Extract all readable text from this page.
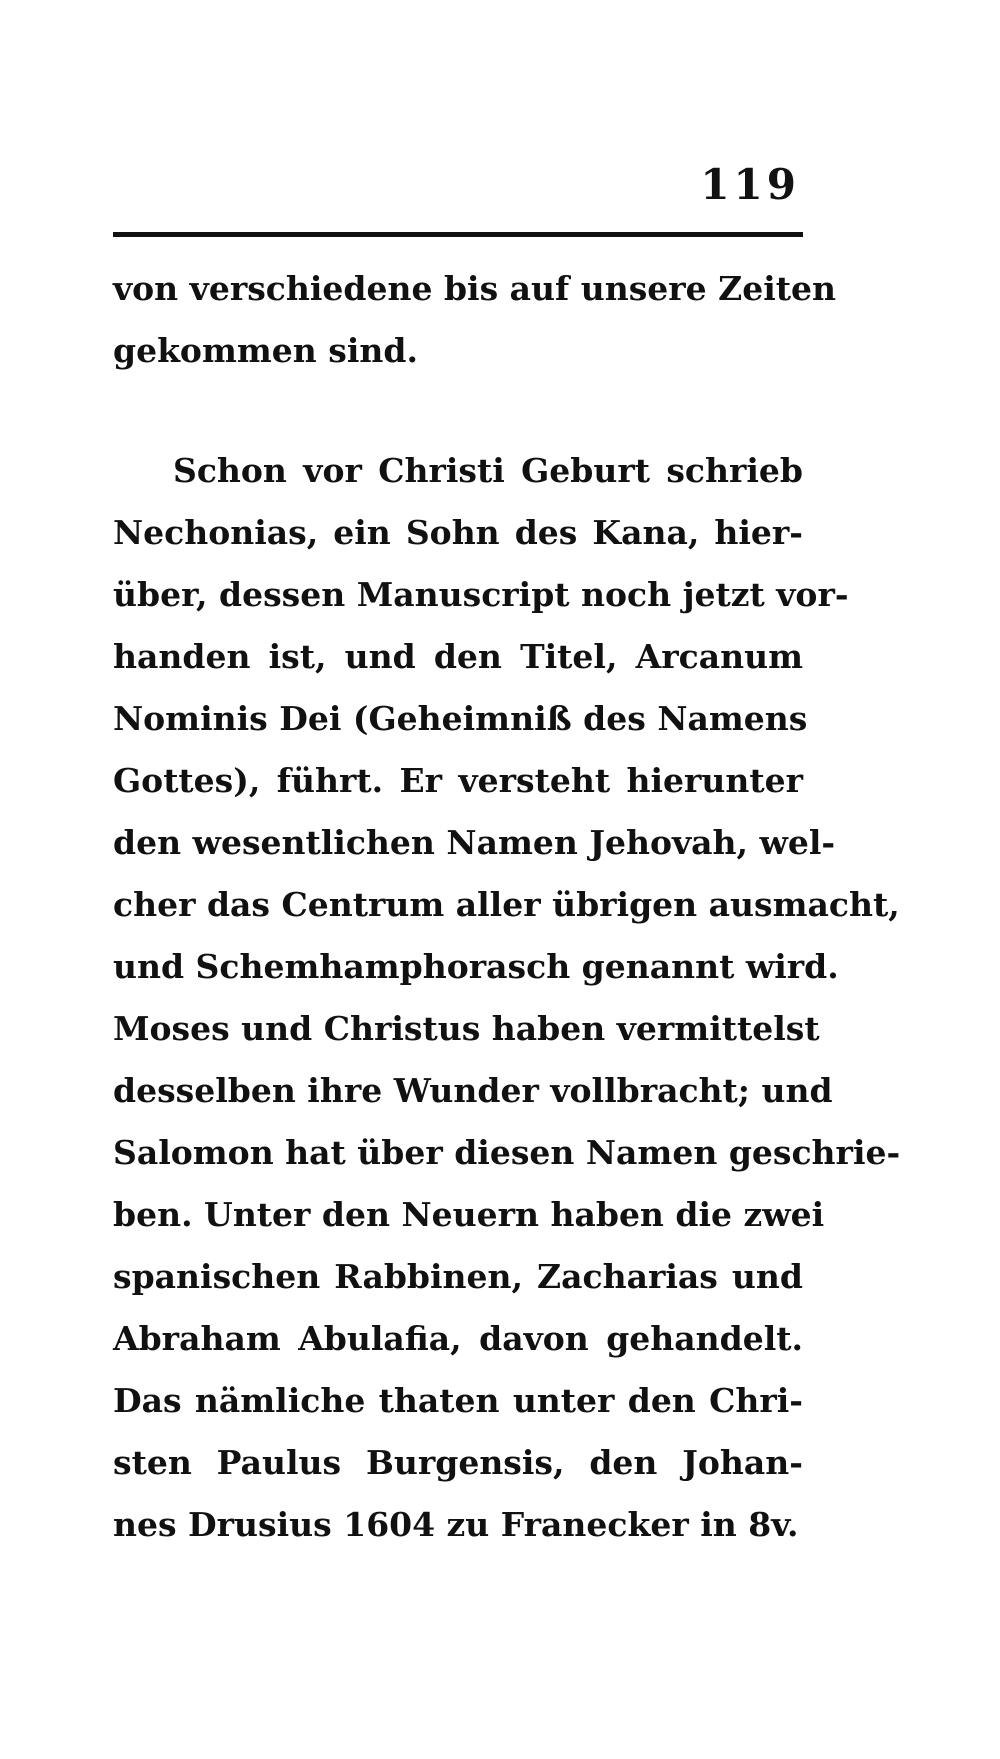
119
von verschiedene bis auf unsere Zeiten
gekommen sind.
Schon vor Christi Geburt schrieb
Nechonias, ein Sohn des Kana, hier-
über, dessen Manuscript noch jetzt vor-
handen ist, und den Titel, Arcanum
Nominis Dei (Geheimniß des Namens
Gottes), führt. Er versteht hierunter
den wesentlichen Namen Jehovah, wel-
cher das Centrum aller übrigen ausmacht,
und Schemhamphorasch genannt wird.
Moses und Christus haben vermittelst
desselben ihre Wunder vollbracht; und
Salomon hat über diesen Namen geschrie-
ben. Unter den Neuern haben die zwei
spanischen Rabbinen, Zacharias und
Abraham Abulafia, davon gehandelt.
Das nämliche thaten unter den Chri-
sten Paulus Burgensis, den Johan-
nes Drusius 1604 zu Franecker in 8v.
